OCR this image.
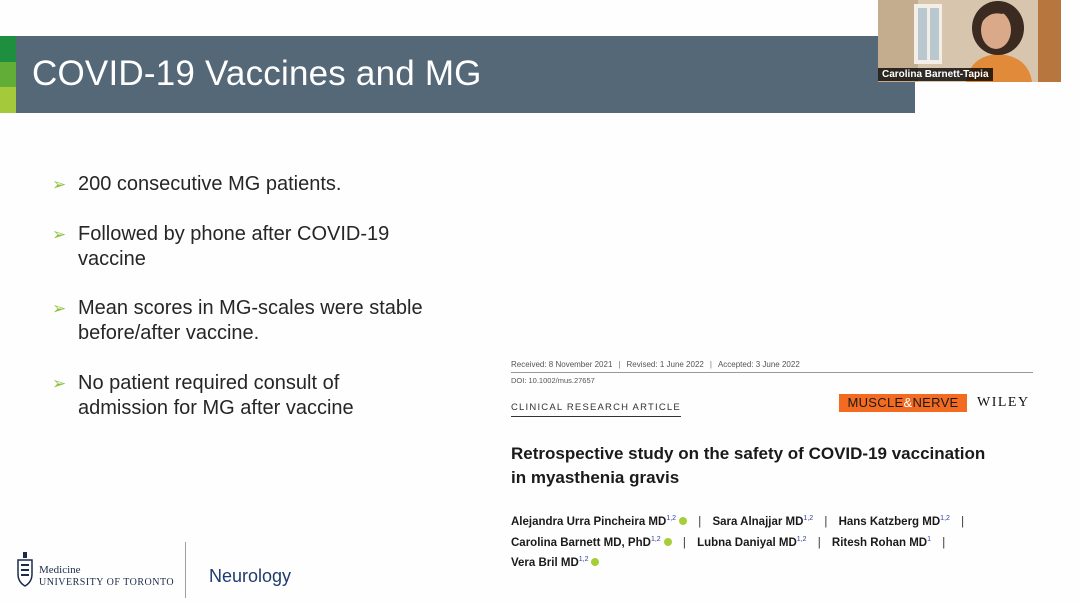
COVID-19 Vaccines and MG
➢ 200 consecutive MG patients.
➢ Followed by phone after COVID-19 vaccine
➢ Mean scores in MG-scales were stable before/after vaccine.
➢ No patient required consult of admission for MG after vaccine
Received: 8 November 2021 | Revised: 1 June 2022 | Accepted: 3 June 2022
DOI: 10.1002/mus.27657
CLINICAL RESEARCH ARTICLE	MUSCLE&NERVE	WILEY
Retrospective study on the safety of COVID-19 vaccination
in myasthenia gravis
Alejandra Urra Pincheira MD$^{1,2}$ | Sara Alnajjar MD$^{1,2}$ | Hans Katzberg MD$^{1,2}$ |
Carolina Barnett MD, PhD$^{1,2}$ | Lubna Daniyal MD$^{1,2}$ | Ritesh Rohan $MD^1$ |
Vera Bril MD$^{1,2}$
Medicine
UNIVERSITY OF TORONTO Neurology
Carolina Barnett-Tapia
